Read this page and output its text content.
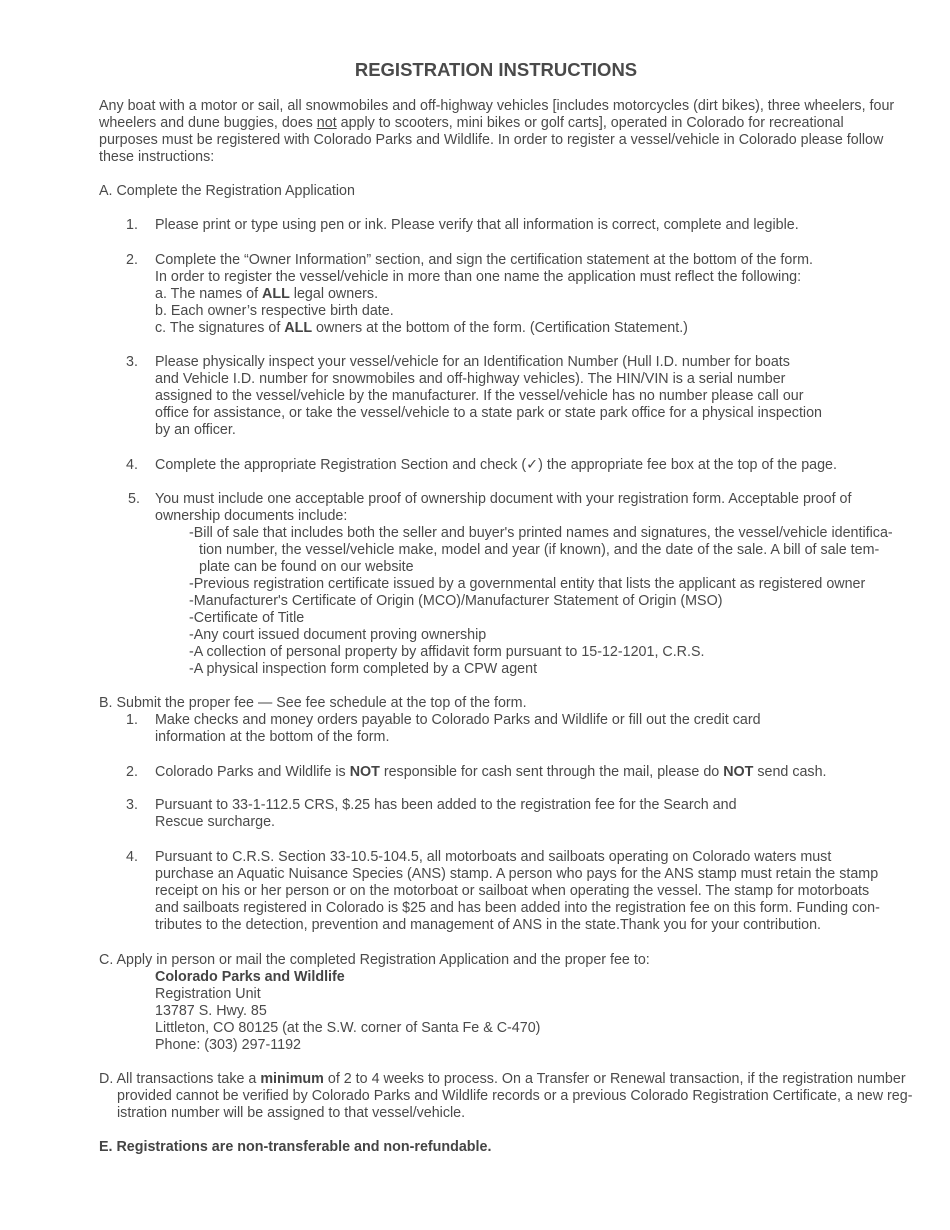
REGISTRATION INSTRUCTIONS
Any boat with a motor or sail, all snowmobiles and off-highway vehicles [includes motorcycles (dirt bikes), three wheelers, four wheelers and dune buggies, does not apply to scooters, mini bikes or golf carts], operated in Colorado for recreational purposes must be registered with Colorado Parks and Wildlife. In order to register a vessel/vehicle in Colorado please follow these instructions:
A. Complete the Registration Application
1. Please print or type using pen or ink. Please verify that all information is correct, complete and legible.
2. Complete the “Owner Information” section, and sign the certification statement at the bottom of the form.
In order to register the vessel/vehicle in more than one name the application must reflect the following:
a. The names of ALL legal owners.
b. Each owner’s respective birth date.
c. The signatures of ALL owners at the bottom of the form. (Certification Statement.)
3. Please physically inspect your vessel/vehicle for an Identification Number (Hull I.D. number for boats
and Vehicle I.D. number for snowmobiles and off-highway vehicles). The HIN/VIN is a serial number
assigned to the vessel/vehicle by the manufacturer. If the vessel/vehicle has no number please call our
office for assistance, or take the vessel/vehicle to a state park or state park office for a physical inspection
by an officer.
4. Complete the appropriate Registration Section and check (✓) the appropriate fee box at the top of the page.
5. You must include one acceptable proof of ownership document with your registration form. Acceptable proof of
ownership documents include:
-Bill of sale that includes both the seller and buyer's printed names and signatures, the vessel/vehicle identifica- tion number, the vessel/vehicle make, model and year (if known), and the date of the sale. A bill of sale tem- plate can be found on our website
-Previous registration certificate issued by a governmental entity that lists the applicant as registered owner
-Manufacturer's Certificate of Origin (MCO)/Manufacturer Statement of Origin (MSO)
-Certificate of Title
-Any court issued document proving ownership
-A collection of personal property by affidavit form pursuant to 15-12-1201, C.R.S.
-A physical inspection form completed by a CPW agent
B. Submit the proper fee — See fee schedule at the top of the form.
1. Make checks and money orders payable to Colorado Parks and Wildlife or fill out the credit card
information at the bottom of the form.
2. Colorado Parks and Wildlife is NOT responsible for cash sent through the mail, please do NOT send cash.
3. Pursuant to 33-1-112.5 CRS, $.25 has been added to the registration fee for the Search and
Rescue surcharge.
4. Pursuant to C.R.S. Section 33-10.5-104.5, all motorboats and sailboats operating on Colorado waters must
purchase an Aquatic Nuisance Species (ANS) stamp. A person who pays for the ANS stamp must retain the stamp
receipt on his or her person or on the motorboat or sailboat when operating the vessel. The stamp for motorboats
and sailboats registered in Colorado is $25 and has been added into the registration fee on this form. Funding con-
tributes to the detection, prevention and management of ANS in the state.Thank you for your contribution.
C. Apply in person or mail the completed Registration Application and the proper fee to:
Colorado Parks and Wildlife
Registration Unit
13787 S. Hwy. 85
Littleton, CO 80125 (at the S.W. corner of Santa Fe & C-470)
Phone: (303) 297-1192
D. All transactions take a minimum of 2 to 4 weeks to process. On a Transfer or Renewal transaction, if the registration number provided cannot be verified by Colorado Parks and Wildlife records or a previous Colorado Registration Certificate, a new reg- istration number will be assigned to that vessel/vehicle.
E. Registrations are non-transferable and non-refundable.
